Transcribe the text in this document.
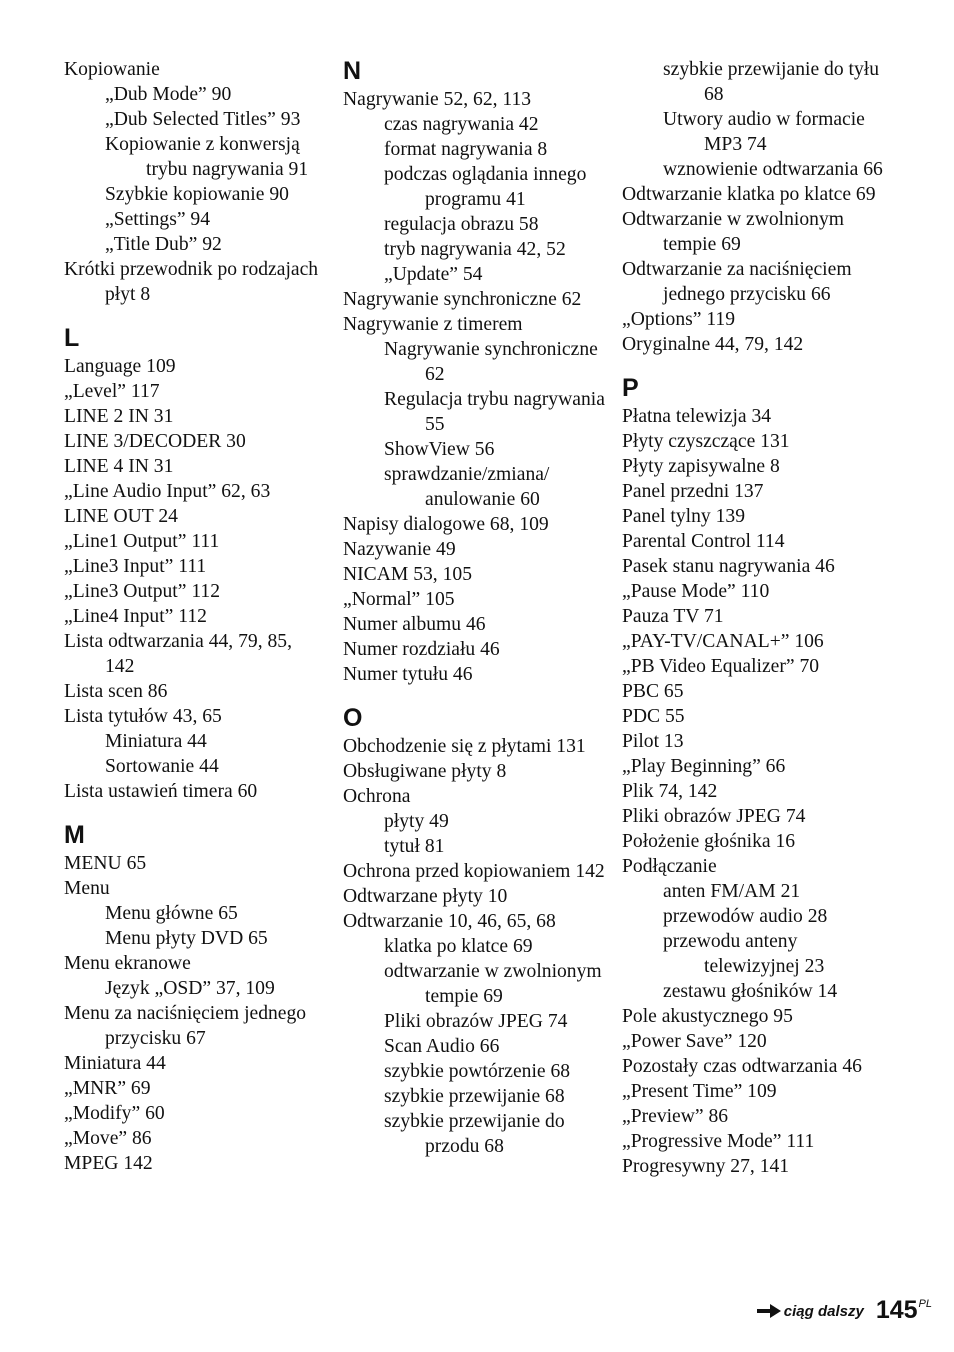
Kopiowanie
„Dub Mode” 90
„Dub Selected Titles” 93
Kopiowanie z konwersją trybu nagrywania 91
Szybkie kopiowanie 90
„Settings” 94
„Title Dub” 92
Krótki przewodnik po rodzajach płyt 8
L
Language 109
„Level” 117
LINE 2 IN 31
LINE 3/DECODER 30
LINE 4 IN 31
„Line Audio Input” 62, 63
LINE OUT 24
„Line1 Output” 111
„Line3 Input” 111
„Line3 Output” 112
„Line4 Input” 112
Lista odtwarzania 44, 79, 85, 142
Lista scen 86
Lista tytułów 43, 65
Miniatura 44
Sortowanie 44
Lista ustawień timera 60
M
MENU 65
Menu
Menu główne 65
Menu płyty DVD 65
Menu ekranowe
Język „OSD” 37, 109
Menu za naciśnięciem jednego przycisku 67
Miniatura 44
„MNR” 69
„Modify” 60
„Move” 86
MPEG 142
N
Nagrywanie 52, 62, 113
czas nagrywania 42
format nagrywania 8
podczas oglądania innego programu 41
regulacja obrazu 58
tryb nagrywania 42, 52
„Update” 54
Nagrywanie synchroniczne 62
Nagrywanie z timerem
Nagrywanie synchroniczne 62
Regulacja trybu nagrywania 55
ShowView 56
sprawdzanie/zmiana/ anulowanie 60
Napisy dialogowe 68, 109
Nazywanie 49
NICAM 53, 105
„Normal” 105
Numer albumu 46
Numer rozdziału 46
Numer tytułu 46
O
Obchodzenie się z płytami 131
Obsługiwane płyty 8
Ochrona
płyty 49
tytuł 81
Ochrona przed kopiowaniem 142
Odtwarzane płyty 10
Odtwarzanie 10, 46, 65, 68
klatka po klatce 69
odtwarzanie w zwolnionym tempie 69
Pliki obrazów JPEG 74
Scan Audio 66
szybkie powtórzenie 68
szybkie przewijanie 68
szybkie przewijanie do przodu 68
szybkie przewijanie do tyłu 68
Utwory audio w formacie MP3 74
wznowienie odtwarzania 66
Odtwarzanie klatka po klatce 69
Odtwarzanie w zwolnionym tempie 69
Odtwarzanie za naciśnięciem jednego przycisku 66
„Options” 119
Oryginalne 44, 79, 142
P
Płatna telewizja 34
Płyty czyszczące 131
Płyty zapisywalne 8
Panel przedni 137
Panel tylny 139
Parental Control 114
Pasek stanu nagrywania 46
„Pause Mode” 110
Pauza TV 71
„PAY-TV/CANAL+” 106
„PB Video Equalizer” 70
PBC 65
PDC 55
Pilot 13
„Play Beginning” 66
Plik 74, 142
Pliki obrazów JPEG 74
Położenie głośnika 16
Podłączanie
anten FM/AM 21
przewodów audio 28
przewodu anteny telewizyjnej 23
zestawu głośników 14
Pole akustycznego 95
„Power Save” 120
Pozostały czas odtwarzania 46
„Present Time” 109
„Preview” 86
„Progressive Mode” 111
Progresywny 27, 141
ciąg dalszy 145 PL
